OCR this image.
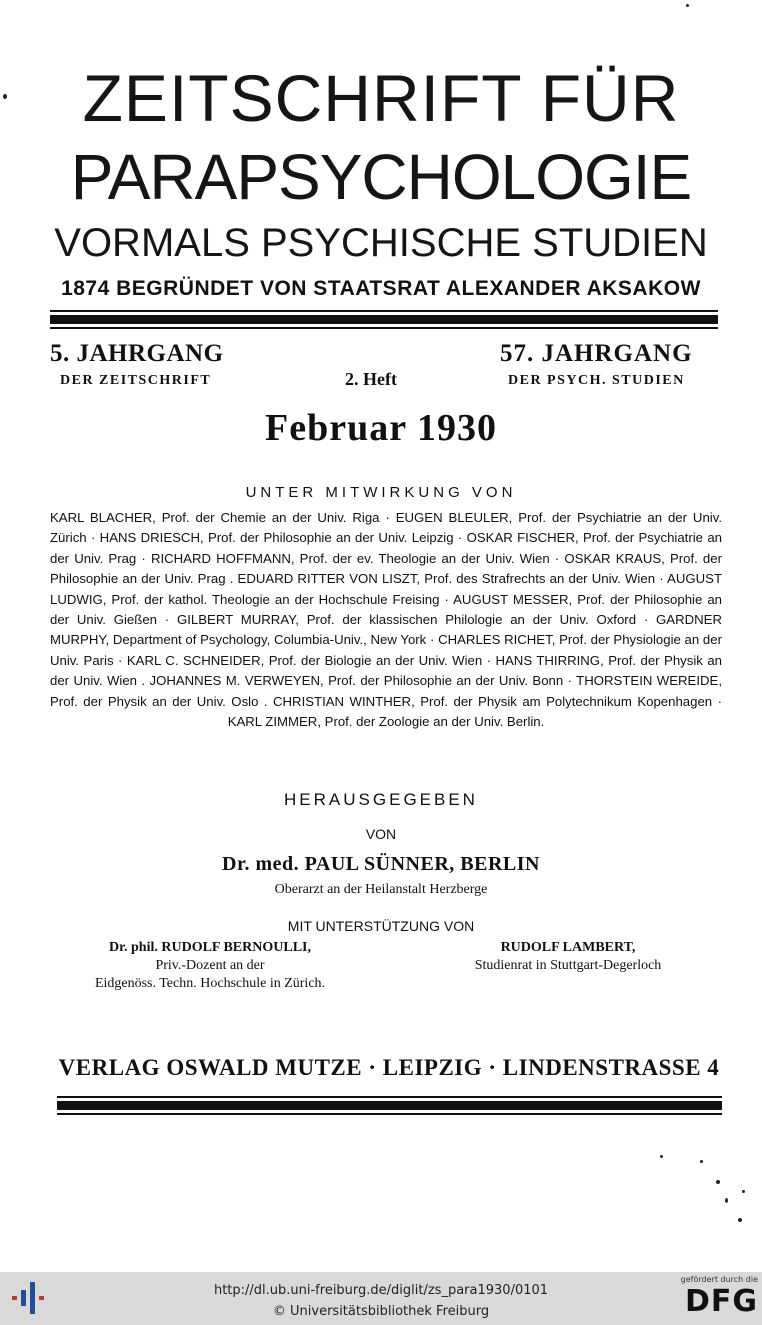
ZEITSCHRIFT FÜR
PARAPSYCHOLOGIE
VORMALS PSYCHISCHE STUDIEN
1874 BEGRÜNDET VON STAATSRAT ALEXANDER AKSAKOW
5. JAHRGANG
DER ZEITSCHRIFT	2. Heft
57. JAHRGANG
DER PSYCH. STUDIEN
Februar 1930
UNTER MITWIRKUNG VON
KARL BLACHER, Prof. der Chemie an der Univ. Riga · EUGEN BLEULER, Prof. der Psychiatrie an der Univ. Zürich · HANS DRIESCH, Prof. der Philosophie an der Univ. Leipzig · OSKAR FISCHER, Prof. der Psychiatrie an der Univ. Prag · RICHARD HOFFMANN, Prof. der ev. Theologie an der Univ. Wien · OSKAR KRAUS, Prof. der Philosophie an der Univ. Prag . EDUARD RITTER VON LISZT, Prof. des Strafrechts an der Univ. Wien · AUGUST LUDWIG, Prof. der kathol. Theologie an der Hochschule Freising · AUGUST MESSER, Prof. der Philosophie an der Univ. Gießen · GILBERT MURRAY, Prof. der klassischen Philologie an der Univ. Oxford · GARDNER MURPHY, Department of Psychology, Columbia-Univ., New York · CHARLES RICHET, Prof. der Physiologie an der Univ. Paris · KARL C. SCHNEIDER, Prof. der Biologie an der Univ. Wien · HANS THIRRING, Prof. der Physik an der Univ. Wien . JOHANNES M. VERWEYEN, Prof. der Philosophie an der Univ. Bonn · THORSTEIN WEREIDE, Prof. der Physik an der Univ. Oslo . CHRISTIAN WINTHER, Prof. der Physik am Polytechnikum Kopenhagen · KARL ZIMMER, Prof. der Zoologie an der Univ. Berlin.
HERAUSGEGEBEN
VON
Dr. med. PAUL SÜNNER, BERLIN
Oberarzt an der Heilanstalt Herzberge
MIT UNTERSTÜTZUNG VON
Dr. phil. RUDOLF BERNOULLI,
Priv.-Dozent an der
Eidgenöss. Techn. Hochschule in Zürich.
RUDOLF LAMBERT,
Studienrat in Stuttgart-Degerloch
VERLAG OSWALD MUTZE · LEIPZIG · LINDENSTRASSE 4
http://dl.ub.uni-freiburg.de/diglit/zs_para1930/0101
© Universitätsbibliothek Freiburg
gefördert durch die
DFG
